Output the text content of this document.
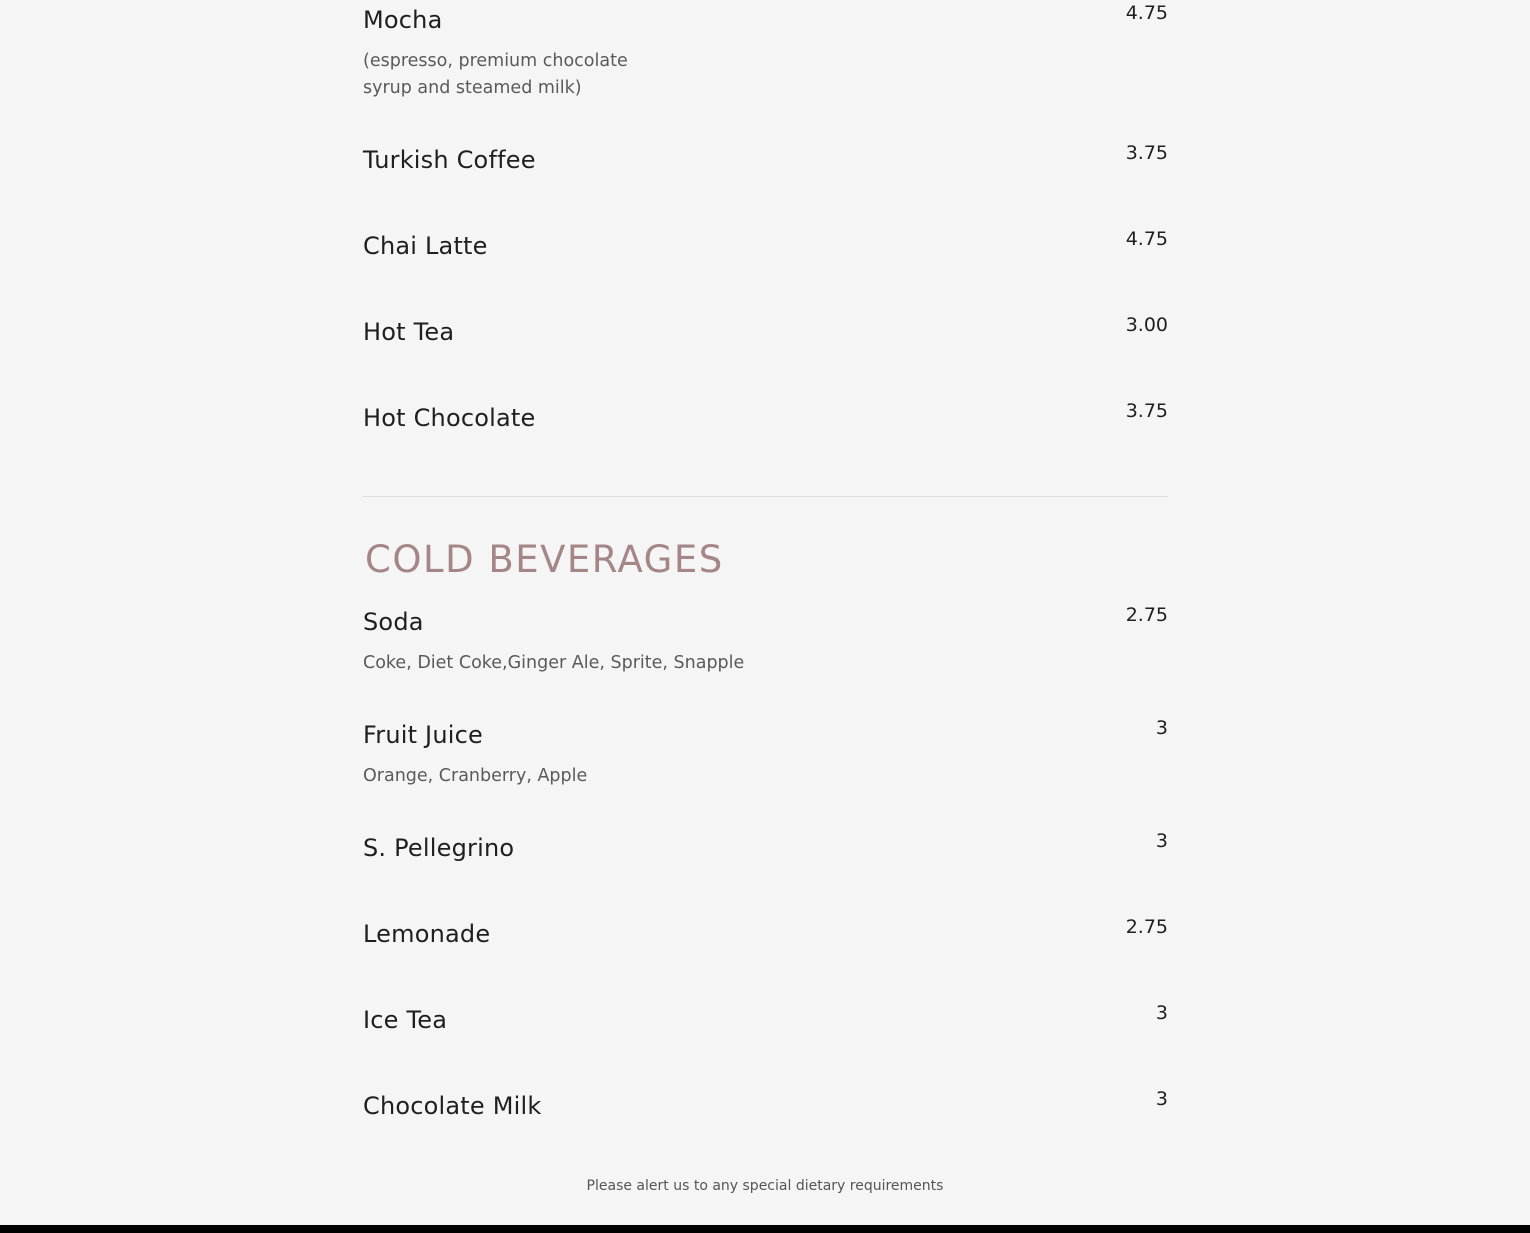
Mocha
(espresso, premium chocolate syrup and steamed milk)
4.75
Turkish Coffee	3.75
Chai Latte	4.75
Hot Tea	3.00
Hot Chocolate	3.75
COLD BEVERAGES
Soda
Coke, Diet Coke,Ginger Ale, Sprite, Snapple
2.75
Fruit Juice
Orange, Cranberry, Apple
3
S. Pellegrino	3
Lemonade	2.75
Ice Tea	3
Chocolate Milk	3
Please alert us to any special dietary requirements
